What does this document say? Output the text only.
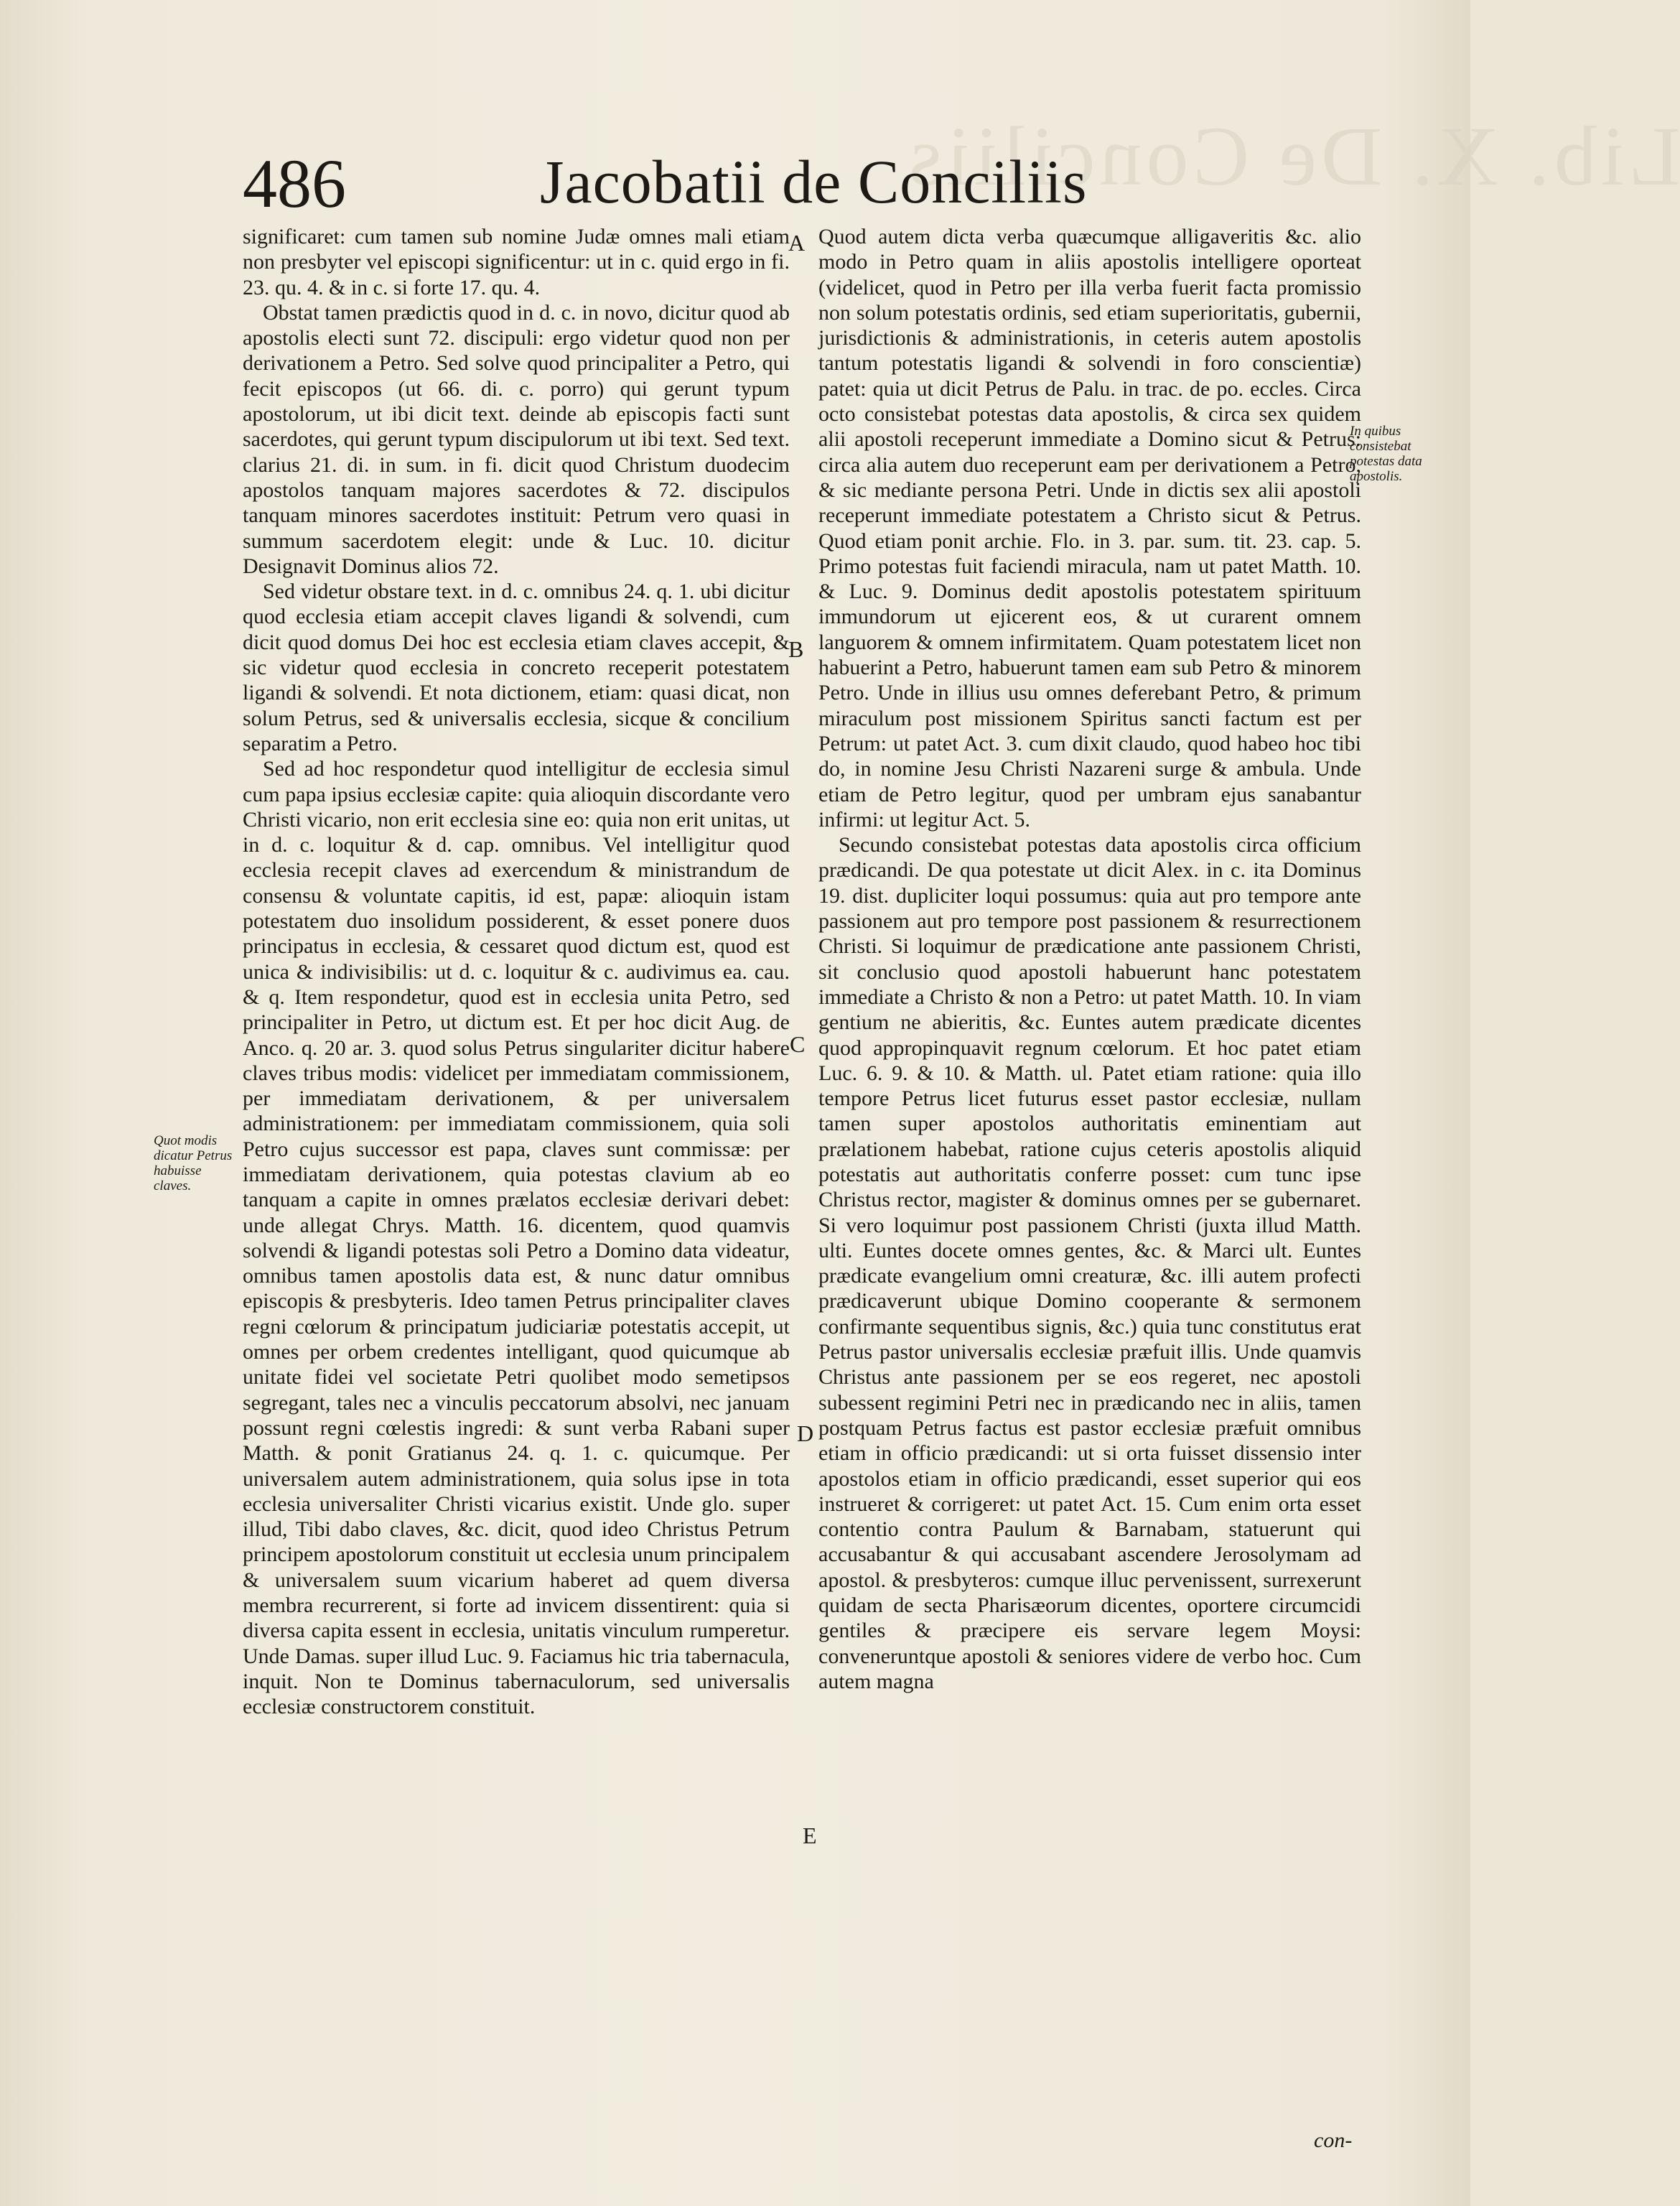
Lib. X. De Conciliis
486	Jacobatii de Conciliis

significaret: cum tamen sub nomine Judæ omnes mali etiam non presbyter vel episcopi significentur: ut in c. quid ergo in fi. 23. qu. 4. & in c. si forte 17. qu. 4.

Obstat tamen prædictis quod in d. c. in novo, dicitur quod ab apostolis electi sunt 72. discipuli: ergo videtur quod non per derivationem a Petro. Sed solve quod principaliter a Petro, qui fecit episcopos (ut 66. di. c. porro) qui gerunt typum apostolorum, ut ibi dicit text. deinde ab episcopis facti sunt sacerdotes, qui gerunt typum discipulorum ut ibi text. Sed text. clarius 21. di. in sum. in fi. dicit quod Christum duodecim apostolos tanquam majores sacerdotes & 72. discipulos tanquam minores sacerdotes instituit: Petrum vero quasi in summum sacerdotem elegit: unde & Luc. 10. dicitur Designavit Dominus alios 72.

Sed videtur obstare text. in d. c. omnibus 24. q. 1. ubi dicitur quod ecclesia etiam accepit claves ligandi & solvendi, cum dicit quod domus Dei hoc est ecclesia etiam claves accepit, & sic videtur quod ecclesia in concreto receperit potestatem ligandi & solvendi. Et nota dictionem, etiam: quasi dicat, non solum Petrus, sed & universalis ecclesia, sicque & concilium separatim a Petro.

Sed ad hoc respondetur quod intelligitur de ecclesia simul cum papa ipsius ecclesiæ capite: quia alioquin discordante vero Christi vicario, non erit ecclesia sine eo: quia non erit unitas, ut in d. c. loquitur & d. cap. omnibus. Vel intelligitur quod ecclesia recepit claves ad exercendum & ministrandum de consensu & voluntate capitis, id est, papæ: alioquin istam potestatem duo insolidum possiderent, & esset ponere duos principatus in ecclesia, & cessaret quod dictum est, quod est unica & indivisibilis: ut d. c. loquitur & c. audivimus ea. cau. & q. Item respondetur, quod est in ecclesia unita Petro, sed principaliter in Petro, ut dictum est. Et per hoc dicit Aug. de Anco. q. 20 ar. 3. quod solus Petrus singulariter dicitur habere claves tribus modis: videlicet per immediatam commissionem, per immediatam derivationem, & per universalem administrationem: per immediatam commissionem, quia soli Petro cujus successor est papa, claves sunt commissæ: per immediatam derivationem, quia potestas clavium ab eo tanquam a capite in omnes prælatos ecclesiæ derivari debet: unde allegat Chrys. Matth. 16. dicentem, quod quamvis solvendi & ligandi potestas soli Petro a Domino data videatur, omnibus tamen apostolis data est, & nunc datur omnibus episcopis & presbyteris. Ideo tamen Petrus principaliter claves regni cœlorum & principatum judiciariæ potestatis accepit, ut omnes per orbem credentes intelligant, quod quicumque ab unitate fidei vel societate Petri quolibet modo semetipsos segregant, tales nec a vinculis peccatorum absolvi, nec januam possunt regni cœlestis ingredi: & sunt verba Rabani super Matth. & ponit Gratianus 24. q. 1. c. quicumque. Per universalem autem administrationem, quia solus ipse in tota ecclesia universaliter Christi vicarius existit. Unde glo. super illud, Tibi dabo claves, &c. dicit, quod ideo Christus Petrum principem apostolorum constituit ut ecclesia unum principalem & universalem suum vicarium haberet ad quem diversa membra recurrerent, si forte ad invicem dissentirent: quia si diversa capita essent in ecclesia, unitatis vinculum rumperetur. Unde Damas. super illud Luc. 9. Faciamus hic tria tabernacula, inquit. Non te Dominus tabernaculorum, sed universalis ecclesiæ constructorem constituit.

Quod autem dicta verba quæcumque alligaveritis &c. alio modo in Petro quam in aliis apostolis intelligere oporteat (videlicet, quod in Petro per illa verba fuerit facta promissio non solum potestatis ordinis, sed etiam superioritatis, gubernii, jurisdictionis & administrationis, in ceteris autem apostolis tantum potestatis ligandi & solvendi in foro conscientiæ) patet: quia ut dicit Petrus de Palu. in trac. de po. eccles. Circa octo consistebat potestas data apostolis, & circa sex quidem alii apostoli receperunt immediate a Domino sicut & Petrus: circa alia autem duo receperunt eam per derivationem a Petro, & sic mediante persona Petri. Unde in dictis sex alii apostoli receperunt immediate potestatem a Christo sicut & Petrus. Quod etiam ponit archie. Flo. in 3. par. sum. tit. 23. cap. 5. Primo potestas fuit faciendi miracula, nam ut patet Matth. 10. & Luc. 9. Dominus dedit apostolis potestatem spirituum immundorum ut ejicerent eos, & ut curarent omnem languorem & omnem infirmitatem. Quam potestatem licet non habuerint a Petro, habuerunt tamen eam sub Petro & minorem Petro. Unde in illius usu omnes deferebant Petro, & primum miraculum post missionem Spiritus sancti factum est per Petrum: ut patet Act. 3. cum dixit claudo, quod habeo hoc tibi do, in nomine Jesu Christi Nazareni surge & ambula. Unde etiam de Petro legitur, quod per umbram ejus sanabantur infirmi: ut legitur Act. 5.

Secundo consistebat potestas data apostolis circa officium prædicandi. De qua potestate ut dicit Alex. in c. ita Dominus 19. dist. dupliciter loqui possumus: quia aut pro tempore ante passionem aut pro tempore post passionem & resurrectionem Christi. Si loquimur de prædicatione ante passionem Christi, sit conclusio quod apostoli habuerunt hanc potestatem immediate a Christo & non a Petro: ut patet Matth. 10. In viam gentium ne abieritis, &c. Euntes autem prædicate dicentes quod appropinquavit regnum cœlorum. Et hoc patet etiam Luc. 6. 9. & 10. & Matth. ul. Patet etiam ratione: quia illo tempore Petrus licet futurus esset pastor ecclesiæ, nullam tamen super apostolos authoritatis eminentiam aut prælationem habebat, ratione cujus ceteris apostolis aliquid potestatis aut authoritatis conferre posset: cum tunc ipse Christus rector, magister & dominus omnes per se gubernaret. Si vero loquimur post passionem Christi (juxta illud Matth. ulti. Euntes docete omnes gentes, &c. & Marci ult. Euntes prædicate evangelium omni creaturæ, &c. illi autem profecti prædicaverunt ubique Domino cooperante & sermonem confirmante sequentibus signis, &c.) quia tunc constitutus erat Petrus pastor universalis ecclesiæ præfuit illis. Unde quamvis Christus ante passionem per se eos regeret, nec apostoli subessent regimini Petri nec in prædicando nec in aliis, tamen postquam Petrus factus est pastor ecclesiæ præfuit omnibus etiam in officio prædicandi: ut si orta fuisset dissensio inter apostolos etiam in officio prædicandi, esset superior qui eos instrueret & corrigeret: ut patet Act. 15. Cum enim orta esset contentio contra Paulum & Barnabam, statuerunt qui accusabantur & qui accusabant ascendere Jerosolymam ad apostol. & presbyteros: cumque illuc pervenissent, surrexerunt quidam de secta Pharisæorum dicentes, oportere circumcidi gentiles & præcipere eis servare legem Moysi: conveneruntque apostoli & seniores videre de verbo hoc. Cum autem magna

A
B
C
D
E
Quot modis dicatur Petrus habuisse claves.
In quibus consistebat potestas data apostolis.
con-
